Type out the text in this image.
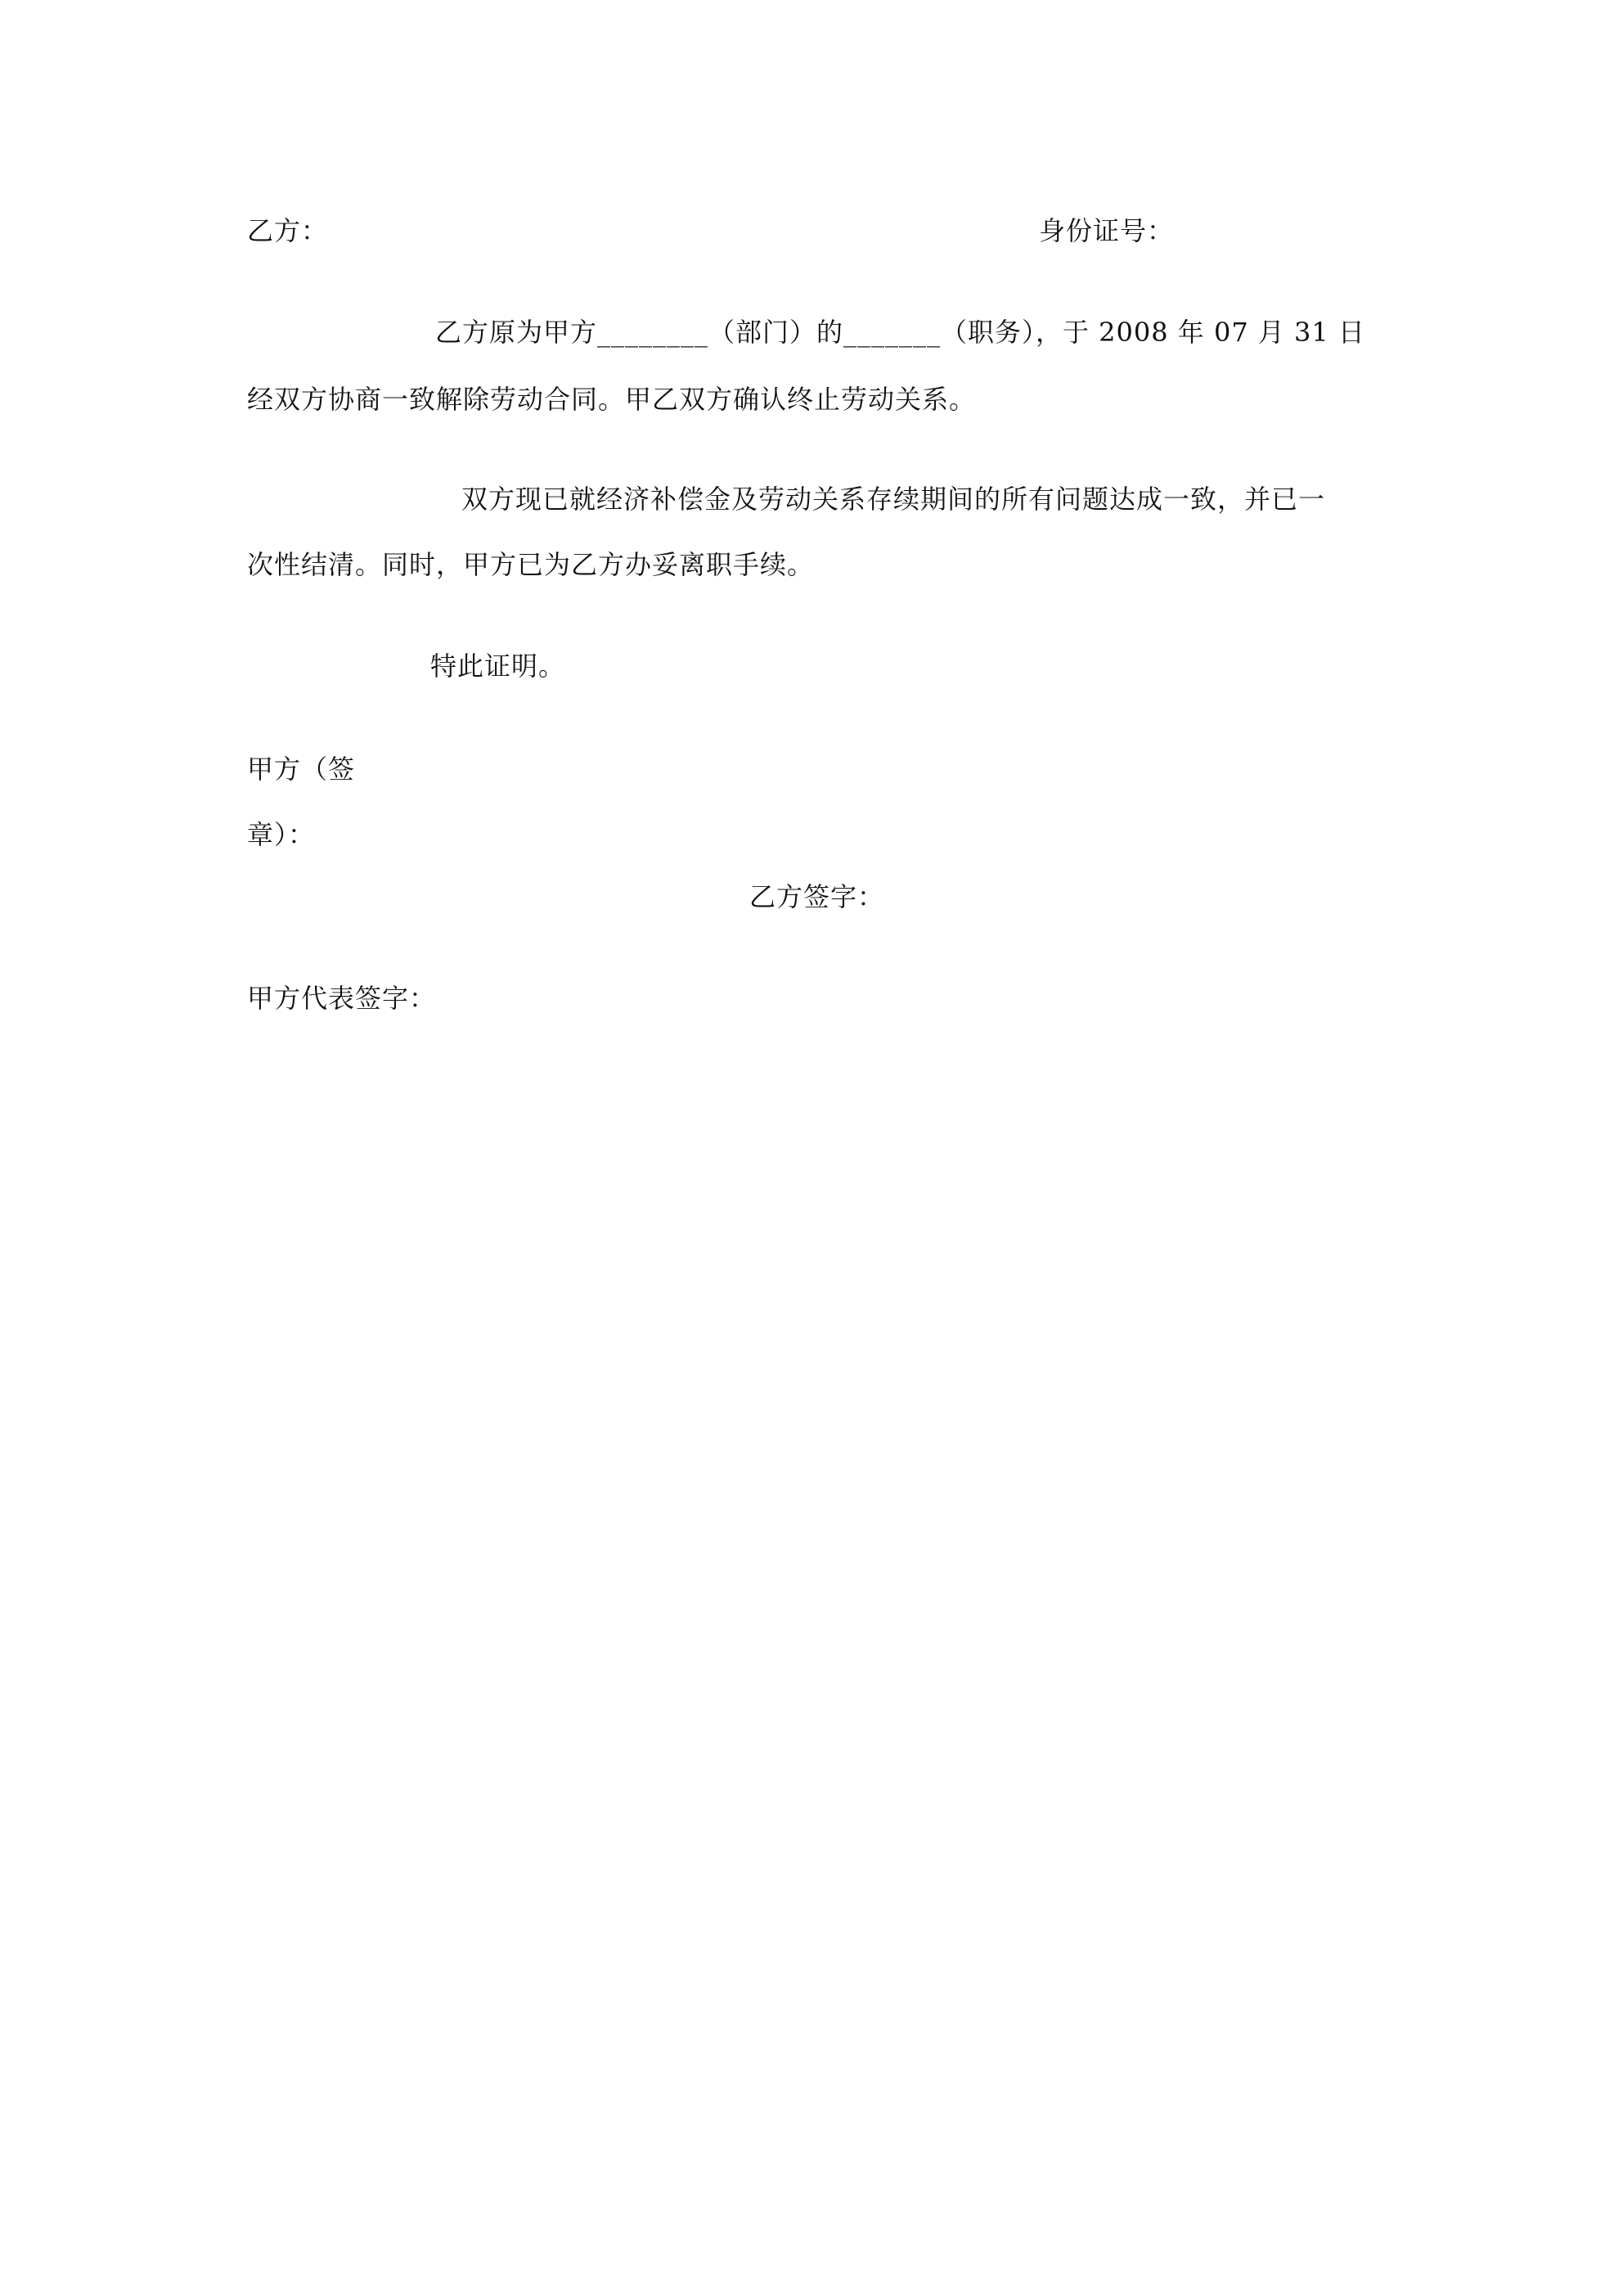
乙方：	身份证号：
乙方原为甲方________（部门）的_______（职务），于 2008 年 07 月 31 日
经双方协商一致解除劳动合同。甲乙双方确认终止劳动关系。
双方现已就经济补偿金及劳动关系存续期间的所有问题达成一致，并已一
次性结清。同时，甲方已为乙方办妥离职手续。
特此证明。
甲方（签
章）：
乙方签字：
甲方代表签字：
